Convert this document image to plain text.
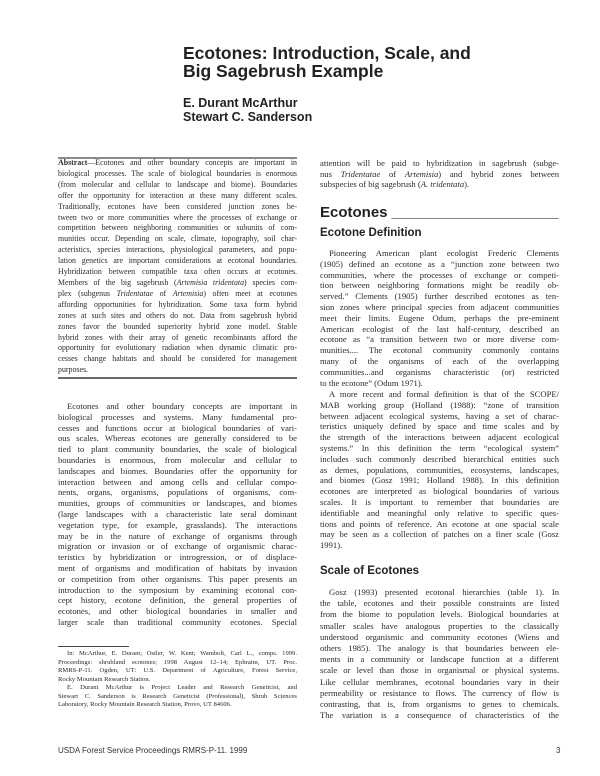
Ecotones: Introduction, Scale, and
Big Sagebrush Example
E. Durant McArthur
Stewart C. Sanderson
Abstract—Ecotones and other boundary concepts are important in
biological processes. The scale of biological boundaries is enormous
(from molecular and cellular to landscape and biome). Boundaries
offer the opportunity for interaction at these many different scales.
Traditionally, ecotones have been considered junction zones be-
tween two or more communities where the processes of exchange or
competition between neighboring communities or subunits of com-
munities occur. Depending on scale, climate, topography, soil char-
acteristics, species interactions, physiological parameters, and popu-
lation genetics are important considerations at ecotonal boundaries.
Hybridization between compatible taxa often occurs at ecotones.
Members of the big sagebrush (Artemisia tridentata) species com-
plex (subgenus Tridentatae of Artemisia) often meet at ecotones
affording opportunities for hybridization. Some taxa form hybrid
zones at such sites and others do not. Data from sagebrush hybrid
zones favor the bounded superiority hybrid zone model. Stable
hybrid zones with their array of genetic recombinants afford the
opportunity for evolutionary radiation when dynamic climatic pro-
cesses change habitats and should be considered for management
purposes.
Ecotones and other boundary concepts are important in
biological processes and systems. Many fundamental pro-
cesses and functions occur at biological boundaries of vari-
ous scales. Whereas ecotones are generally considered to be
tied to plant community boundaries, the scale of biological
boundaries is enormous, from molecular and cellular to
landscapes and biomes. Boundaries offer the opportunity for
interaction between and among cells and cellular compo-
nents, organs, organisms, populations of organisms, com-
munities, groups of communities or landscapes, and biomes
(large landscapes with a characteristic late seral dominant
vegetation type, for example, grasslands). The interactions
may be in the nature of exchange of organisms through
migration or invasion or of exchange of organismic charac-
teristics by hybridization or introgression, or of displace-
ment of organisms and modification of habitats by invasion
or competition from other organisms. This paper presents an
introduction to the symposium by examining ecotonal con-
cept history, ecotone definition, the general properties of
ecotones, and other biological boundaries in smaller and
larger scale than traditional community ecotones. Special
In: McArthur, E. Durant; Ostler, W. Kent; Wambolt, Carl L., comps. 1999.
Proceedings: shrubland ecotones; 1998 August 12–14; Ephraim, UT. Proc.
RMRS-P-11. Ogden, UT: U.S. Department of Agriculture, Forest Service,
Rocky Mountain Research Station.
E. Durant McArthur is Project Leader and Research Geneticist, and
Stewart C. Sanderson is Research Geneticist (Professional), Shrub Sciences
Laboratory, Rocky Mountain Research Station, Provo, UT 84606.
attention will be paid to hybridization in sagebrush (subge-
nus Tridentatae of Artemisia) and hybrid zones between
subspecies of big sagebrush (A. tridentata).
Ecotones ____________________
Ecotone Definition
Pioneering American plant ecologist Frederic Clements
(1905) defined an ecotone as a “junction zone between two
communities, where the processes of exchange or competi-
tion between neighboring formations might be readily ob-
served.” Clements (1905) further described ecotones as ten-
sion zones where principal species from adjacent communities
meet their limits. Eugene Odum, perhaps the pre-eminent
American ecologist of the last half-century, described an
ecotone as “a transition between two or more diverse com-
munities.... The ecotonal community commonly contains
many of the organisms of each of the overlapping
communities...and organisms characteristic (or) restricted
to the ecotone” (Odum 1971).
A more recent and formal definition is that of the SCOPE/
MAB working group (Holland (1988): “zone of transition
between adjacent ecological systems, having a set of charac-
teristics uniquely defined by space and time scales and by
the strength of the interactions between adjacent ecological
systems.” In this definition the term “ecological system”
includes such commonly described hierarchical entities such
as demes, populations, communities, ecosystems, landscapes,
and biomes (Gosz 1991; Holland 1988). In this definition
ecotones are interpreted as biological boundaries of various
scales. It is important to remember that boundaries are
identifiable and meaningful only relative to specific ques-
tions and points of reference. An ecotone at one spacial scale
may be seen as a collection of patches on a finer scale (Gosz
1991).
Scale of Ecotones
Gosz (1993) presented ecotonal hierarchies (table 1). In
the table, ecotones and their possible constraints are listed
from the biome to population levels. Biological boundaries at
smaller scales have analogous properties to the classically
understood organismic and community ecotones (Wiens and
others 1985). The analogy is that boundaries between ele-
ments in a community or landscape function at a different
scale or level than those in organismal or physical systems.
Like cellular membranes, ecotonal boundaries vary in their
permeability or resistance to flows. The currency of flow is
contrasting, that is, from organisms to genes to chemicals.
The variation is a consequence of characteristics of the
USDA Forest Service Proceedings RMRS-P-11. 1999	3
